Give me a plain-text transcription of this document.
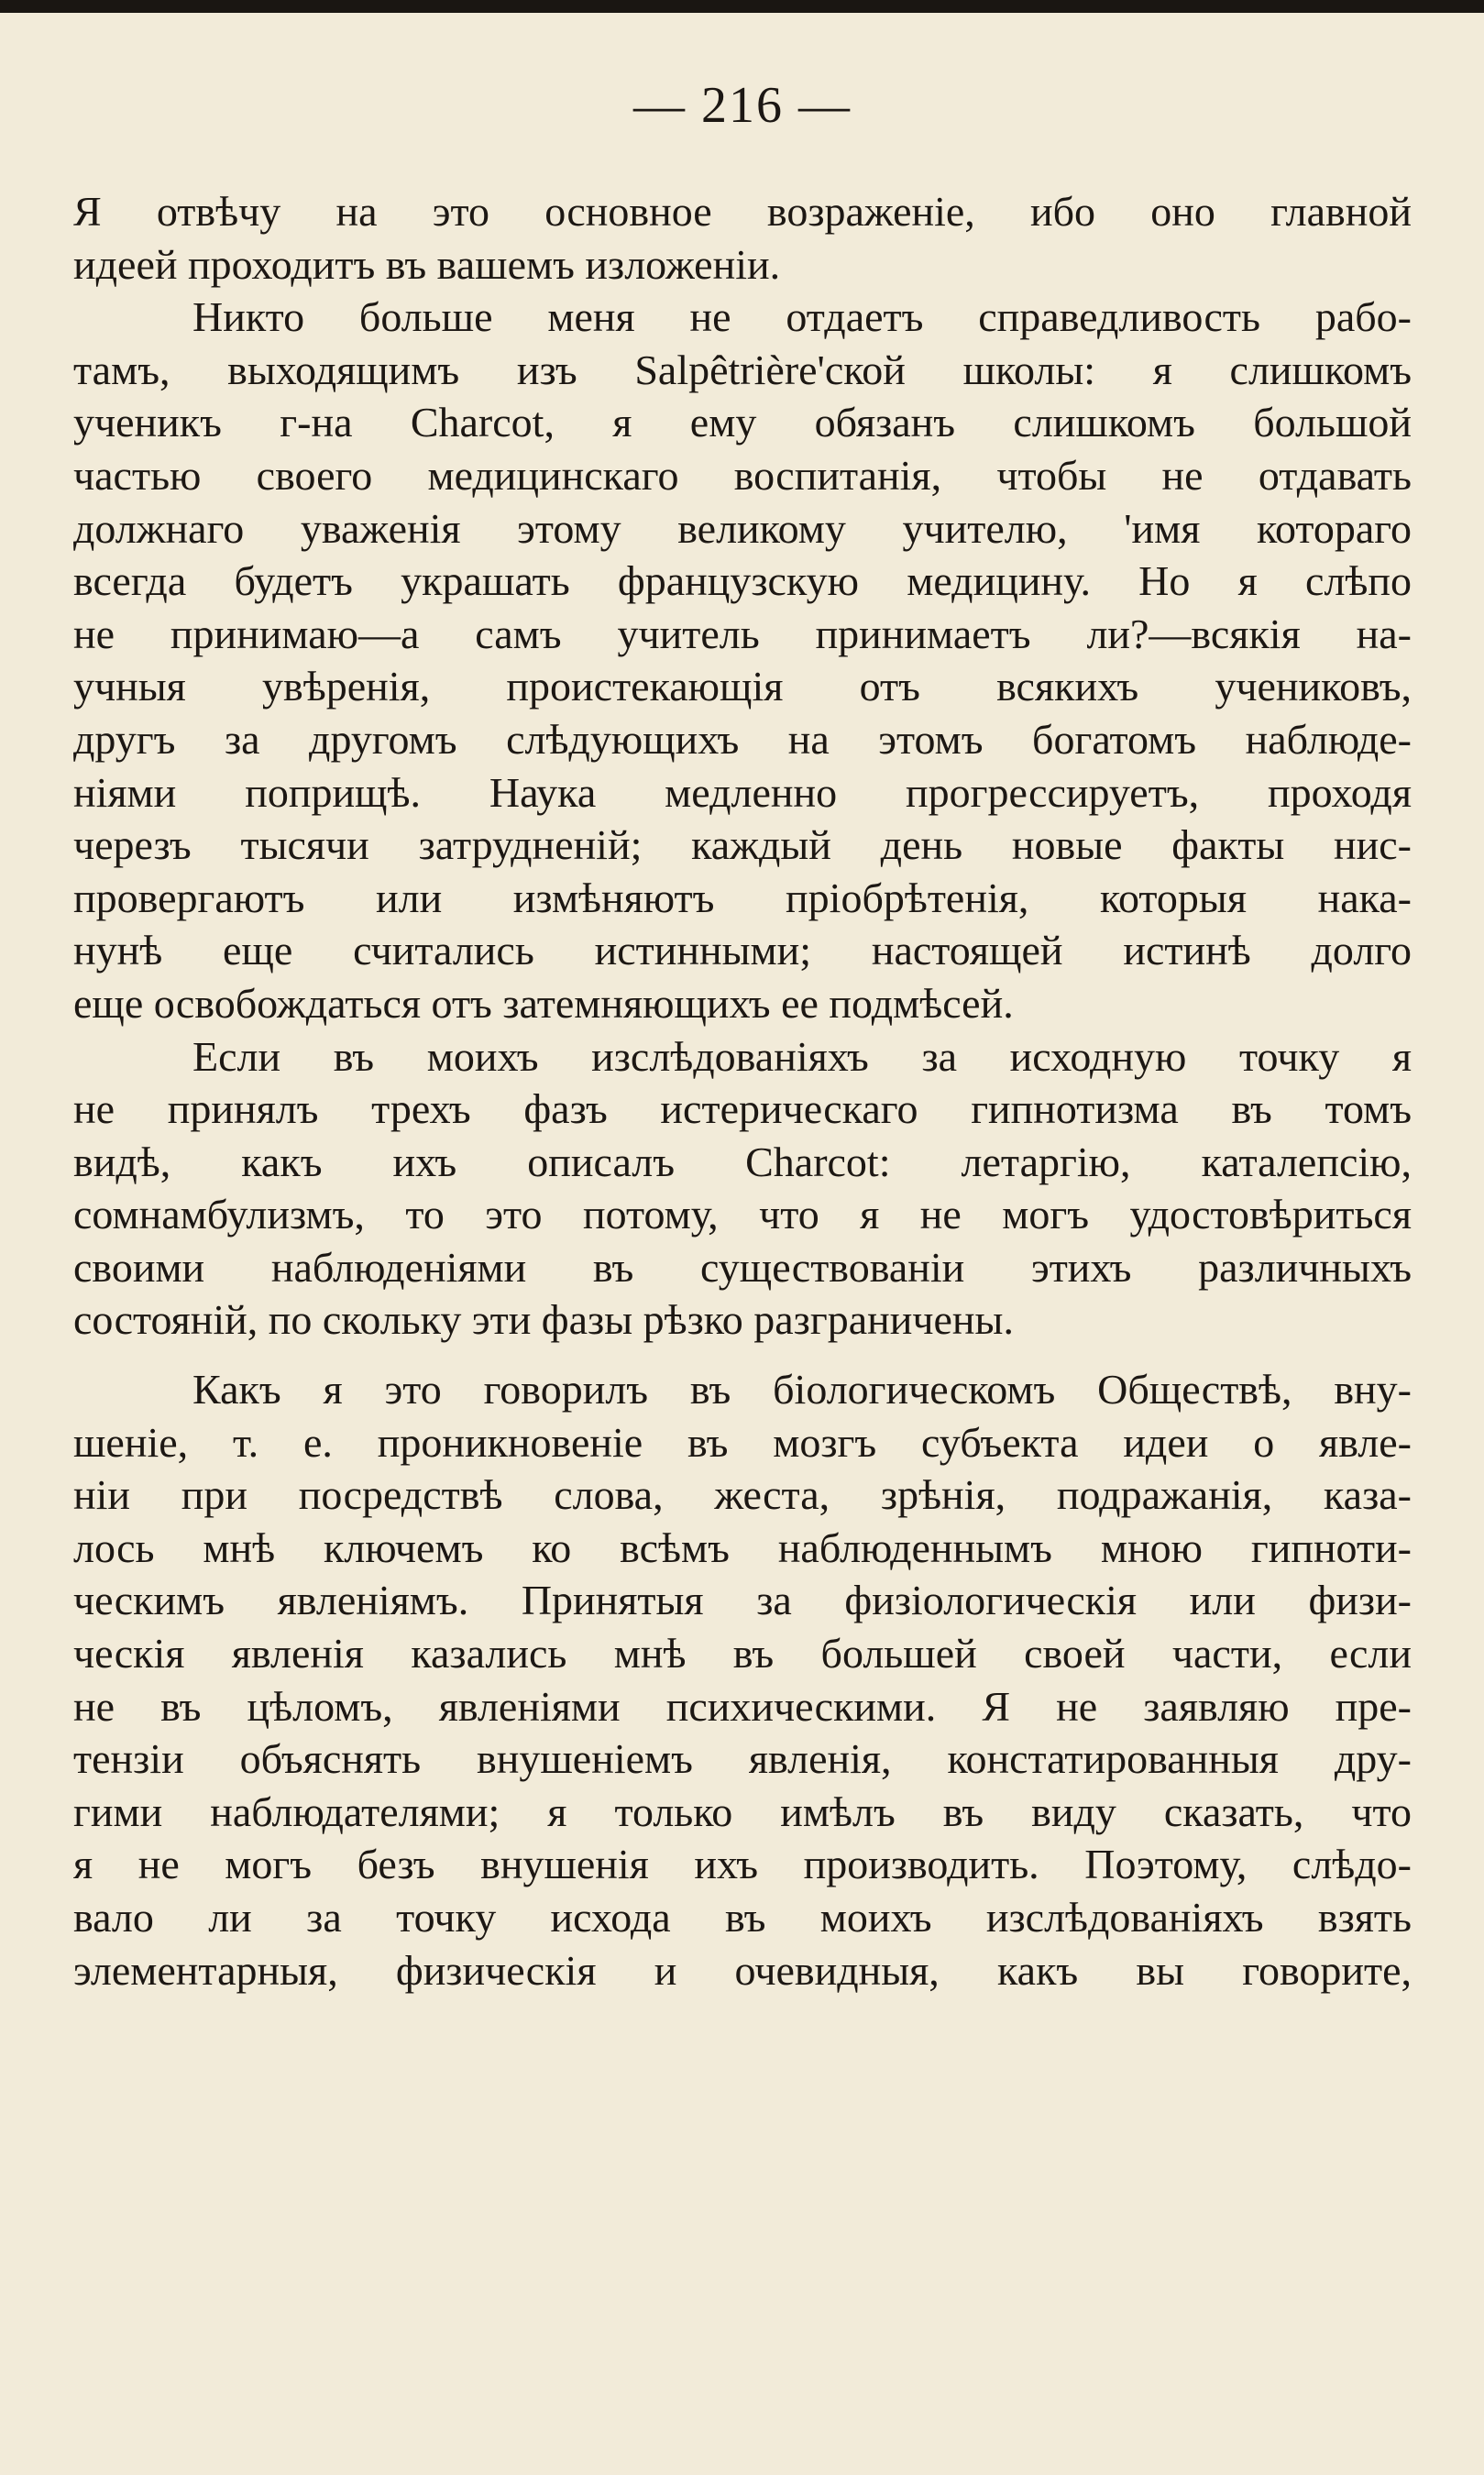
— 216 —
Я отвѣчу на это основное возраженіе, ибо оно главной
идеей проходитъ въ вашемъ изложеніи.
Никто больше меня не отдаетъ справедливость рабо-
тамъ, выходящимъ изъ Salpêtrière'ской школы: я слишкомъ
ученикъ г-на Charcot, я ему обязанъ слишкомъ большой
частью своего медицинскаго воспитанія, чтобы не отдавать
должнаго уваженія этому великому учителю, 'имя котораго
всегда будетъ украшать французскую медицину. Но я слѣпо
не принимаю—а самъ учитель принимаетъ ли?—всякія на-
учныя увѣренія, проистекающія отъ всякихъ учениковъ,
другъ за другомъ слѣдующихъ на этомъ богатомъ наблюде-
ніями поприщѣ. Наука медленно прогрессируетъ, проходя
черезъ тысячи затрудненій; каждый день новые факты нис-
провергаютъ или измѣняютъ пріобрѣтенія, которыя нака-
нунѣ еще считались истинными; настоящей истинѣ долго
еще освобождаться отъ затемняющихъ ее подмѣсей.
Если въ моихъ изслѣдованіяхъ за исходную точку я
не принялъ трехъ фазъ истерическаго гипнотизма въ томъ
видѣ, какъ ихъ описалъ Charcot: летаргію, каталепсію,
сомнамбулизмъ, то это потому, что я не могъ удостовѣриться
своими наблюденіями въ существованіи этихъ различныхъ
состояній, по скольку эти фазы рѣзко разграничены.
Какъ я это говорилъ въ біологическомъ Обществѣ, вну-
шеніе, т. е. проникновеніе въ мозгъ субъекта идеи о явле-
ніи при посредствѣ слова, жеста, зрѣнія, подражанія, каза-
лось мнѣ ключемъ ко всѣмъ наблюденнымъ мною гипноти-
ческимъ явленіямъ. Принятыя за физіологическія или физи-
ческія явленія казались мнѣ въ большей своей части, если
не въ цѣломъ, явленіями психическими. Я не заявляю пре-
тензіи объяснять внушеніемъ явленія, констатированныя дру-
гими наблюдателями; я только имѣлъ въ виду сказать, что
я не могъ безъ внушенія ихъ производить. Поэтому, слѣдо-
вало ли за точку исхода въ моихъ изслѣдованіяхъ взять
элементарныя, физическія и очевидныя, какъ вы говорите,
